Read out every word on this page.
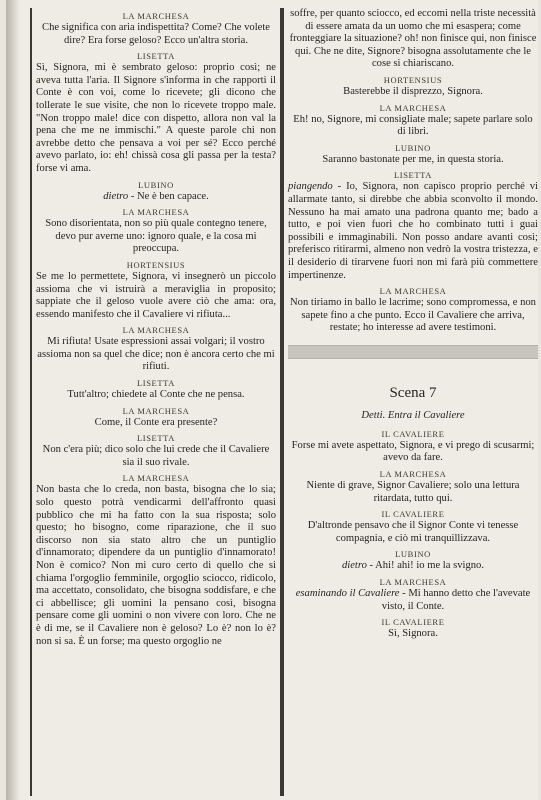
LA MARCHESA
Che significa con aria indispettita? Come? Che volete dire? Era forse geloso? Ecco un'altra storia.
LISETTA
Sì, Signora, mi è sembrato geloso: proprio così; ne aveva tutta l'aria. Il Signore s'informa in che rapporti il Conte è con voi, come lo ricevete; gli dicono che tollerate le sue visite, che non lo ricevete troppo male. "Non troppo male! dice con dispetto, allora non val la pena che me ne immischi." A queste parole chi non avrebbe detto che pensava a voi per sé? Ecco perché avevo parlato, io: eh! chissà cosa gli passa per la testa? forse vi ama.
LUBINO
dietro - Ne è ben capace.
LA MARCHESA
Sono disorientata, non so più quale contegno tenere, devo pur averne uno: ignoro quale, e la cosa mi preoccupa.
HORTENSIUS
Se me lo permettete, Signora, vi insegnerò un piccolo assioma che vi istruirà a meraviglia in proposito; sappiate che il geloso vuole avere ciò che ama: ora, essendo manifesto che il Cavaliere vi rifiuta...
LA MARCHESA
Mi rifiuta! Usate espressioni assai volgari; il vostro assioma non sa quel che dice; non è ancora certo che mi rifiuti.
LISETTA
Tutt'altro; chiedete al Conte che ne pensa.
LA MARCHESA
Come, il Conte era presente?
LISETTA
Non c'era più; dico solo che lui crede che il Cavaliere sia il suo rivale.
LA MARCHESA
Non basta che lo creda, non basta, bisogna che lo sia; solo questo potrà vendicarmi dell'affronto quasi pubblico che mi ha fatto con la sua risposta; solo questo; ho bisogno, come riparazione, che il suo discorso non sia stato altro che un puntiglio d'innamorato; dipendere da un puntiglio d'innamorato! Non è comico? Non mi curo certo di quello che si chiama l'orgoglio femminile, orgoglio sciocco, ridicolo, ma accettato, consolidato, che bisogna soddisfare, e che ci abbellisce; gli uomini la pensano così, bisogna pensare come gli uomini o non vivere con loro. Che ne è di me, se il Cavaliere non è geloso? Lo è? non lo è? non si sa. È un forse; ma questo orgoglio ne
soffre, per quanto sciocco, ed eccomi nella triste necessità di essere amata da un uomo che mi esaspera; come fronteggiare la situazione? oh! non finisce qui, non finisce qui. Che ne dite, Signore? bisogna assolutamente che le cose si chiariscano.
HORTENSIUS
Basterebbe il disprezzo, Signora.
LA MARCHESA
Eh! no, Signore, mi consigliate male; sapete parlare solo di libri.
LUBINO
Saranno bastonate per me, in questa storia.
LISETTA
piangendo - Io, Signora, non capisco proprio perché vi allarmate tanto, si direbbe che abbia sconvolto il mondo. Nessuno ha mai amato una padrona quanto me; bado a tutto, e poi vien fuori che ho combinato tutti i guai possibili e immaginabili. Non posso andare avanti così; preferisco ritirarmi, almeno non vedrò la vostra tristezza, e il desiderio di tirarvene fuori non mi farà più commettere impertinenze.
LA MARCHESA
Non tiriamo in ballo le lacrime; sono compromessa, e non sapete fino a che punto. Ecco il Cavaliere che arriva, restate; ho interesse ad avere testimoni.
Scena 7
Detti. Entra il Cavaliere
IL CAVALIERE
Forse mi avete aspettato, Signora, e vi prego di scusarmi; avevo da fare.
LA MARCHESA
Niente di grave, Signor Cavaliere; solo una lettura ritardata, tutto qui.
IL CAVALIERE
D'altronde pensavo che il Signor Conte vi tenesse compagnia, e ciò mi tranquillizzava.
LUBINO
dietro - Ahi! ahi! io me la svigno.
LA MARCHESA
esaminando il Cavaliere - Mi hanno detto che l'avevate visto, il Conte.
IL CAVALIERE
Sì, Signora.
